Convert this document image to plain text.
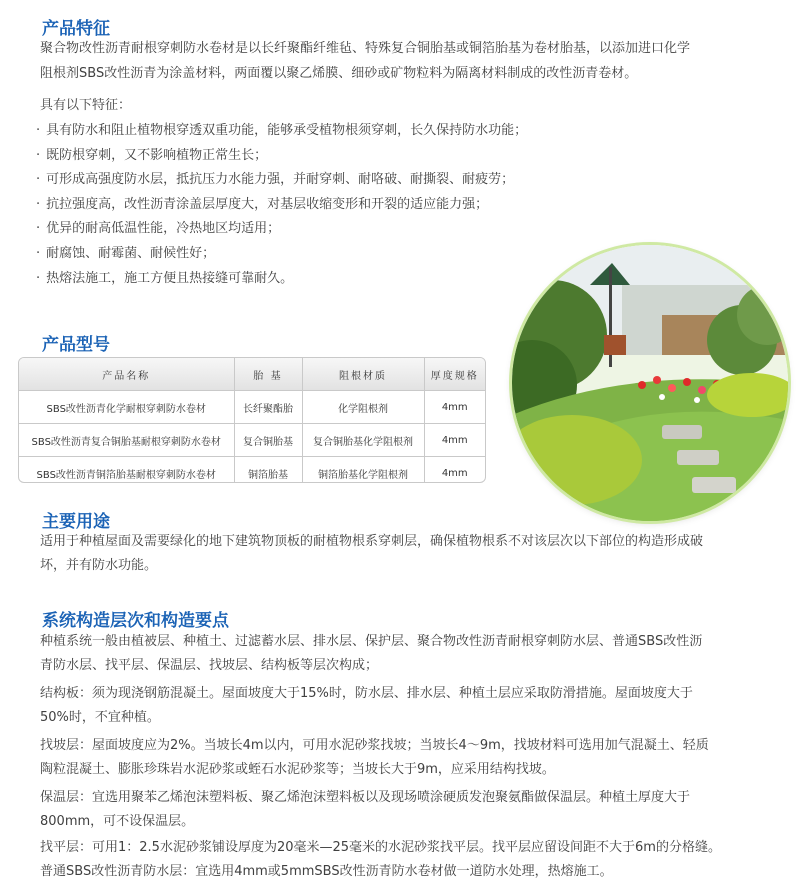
产品特征

聚合物改性沥青耐根穿刺防水卷材是以长纤聚酯纤维毡、特殊复合铜胎基或铜箔胎基为卷材胎基，以添加进口化学

阻根剂SBS改性沥青为涂盖材料，两面覆以聚乙烯膜、细砂或矿物粒料为隔离材料制成的改性沥青卷材。

具有以下特征：

· 具有防水和阻止植物根穿透双重功能，能够承受植物根须穿刺，长久保持防水功能；
· 既防根穿刺，又不影响植物正常生长；
· 可形成高强度防水层，抵抗压力水能力强，并耐穿刺、耐咯破、耐撕裂、耐疲劳；
· 抗拉强度高，改性沥青涂盖层厚度大，对基层收缩变形和开裂的适应能力强；
· 优异的耐高低温性能，冷热地区均适用；
· 耐腐蚀、耐霉菌、耐候性好；
· 热熔法施工，施工方便且热接缝可靠耐久。
产品型号
产品名称	胎 基	阻根材质	厚度规格
SBS改性沥青化学耐根穿刺防水卷材	长纤聚酯胎	化学阻根剂	4mm
SBS改性沥青复合铜胎基耐根穿刺防水卷材	复合铜胎基	复合铜胎基化学阻根剂	4mm
SBS改性沥青铜箔胎基耐根穿刺防水卷材	铜箔胎基	铜箔胎基化学阻根剂	4mm
主要用途

适用于种植屋面及需要绿化的地下建筑物顶板的耐植物根系穿刺层，确保植物根系不对该层次以下部位的构造形成破

坏，并有防水功能。

系统构造层次和构造要点

种植系统一般由植被层、种植土、过滤蓄水层、排水层、保护层、聚合物改性沥青耐根穿刺防水层、普通SBS改性沥

青防水层、找平层、保温层、找坡层、结构板等层次构成；

结构板：须为现浇钢筋混凝土。屋面坡度大于15%时，防水层、排水层、种植土层应采取防滑措施。屋面坡度大于

50%时，不宜种植。

找坡层：屋面坡度应为2%。当坡长4m以内，可用水泥砂浆找坡；当坡长4～9m，找坡材料可选用加气混凝土、轻质

陶粒混凝土、膨胀珍珠岩水泥砂浆或蛭石水泥砂浆等；当坡长大于9m，应采用结构找坡。

保温层：宜选用聚苯乙烯泡沫塑料板、聚乙烯泡沫塑料板以及现场喷涂硬质发泡聚氨酯做保温层。种植土厚度大于

800mm，可不设保温层。

找平层：可用1：2.5水泥砂浆铺设厚度为20毫米—25毫米的水泥砂浆找平层。找平层应留设间距不大于6m的分格缝。

普通SBS改性沥青防水层：宜选用4mm或5mmSBS改性沥青防水卷材做一道防水处理，热熔施工。
